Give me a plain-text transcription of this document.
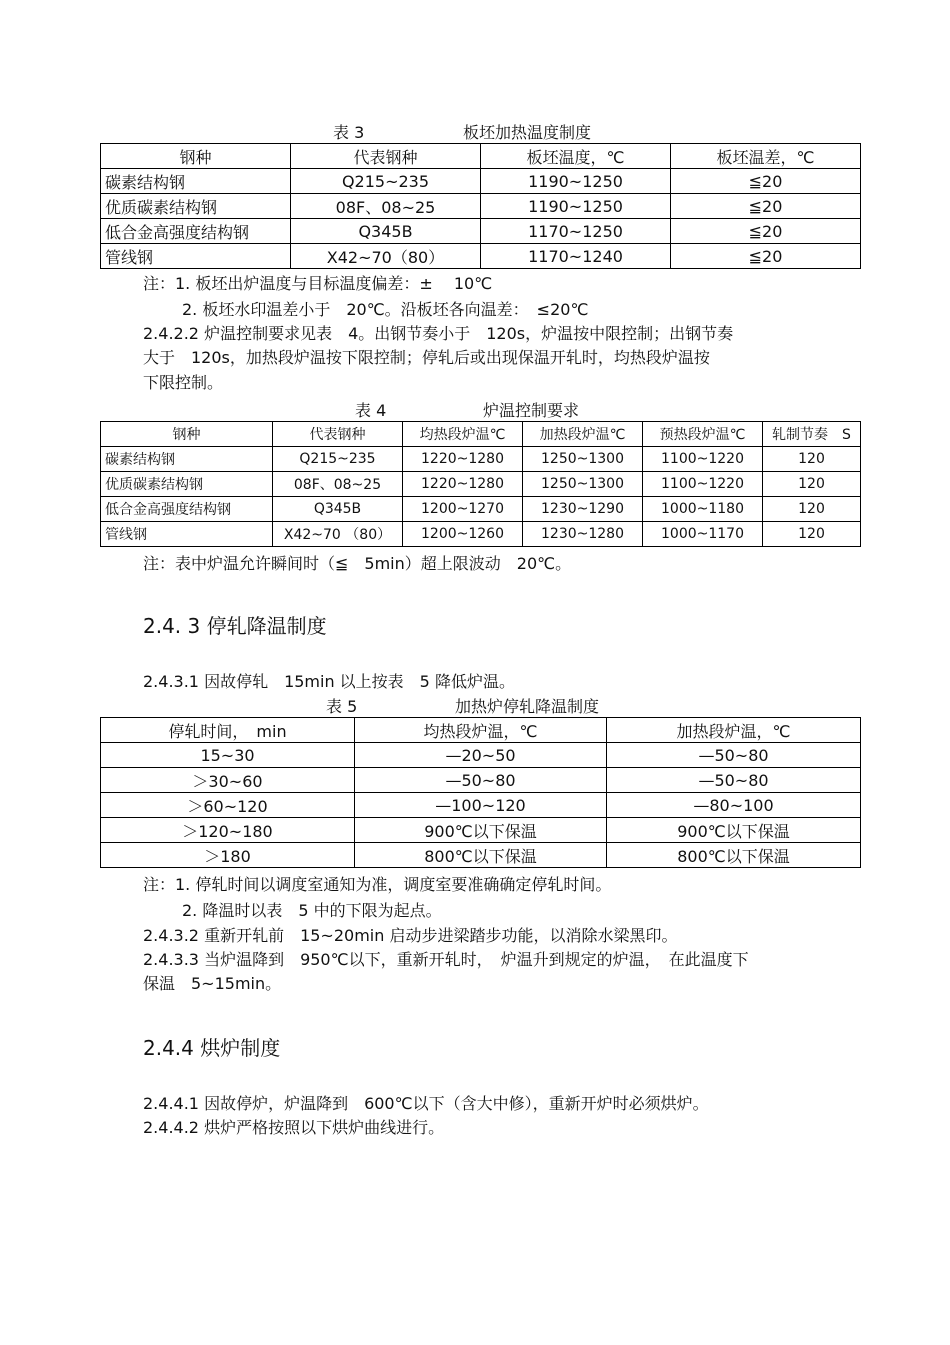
表 3	板坯加热温度制度
钢种	代表钢种	板坯温度，℃	板坯温差，℃
碳素结构钢	Q215~235	1190~1250	≦20
优质碳素结构钢	08F、08~25	1190~1250	≦20
低合金高强度结构钢	Q345B	1170~1250	≦20
管线钢	X42~70（80）	1170~1240	≦20
注：1. 板坯出炉温度与目标温度偏差：±　 10℃
2. 板坯水印温差小于　20℃。沿板坯各向温差：　≤20℃
2.4.2.2 炉温控制要求见表　4。出钢节奏小于　120s，炉温按中限控制；出钢节奏
大于　120s，加热段炉温按下限控制；停轧后或出现保温开轧时，均热段炉温按
下限控制。
表 4	炉温控制要求
钢种	代表钢种	均热段炉温℃	加热段炉温℃	预热段炉温℃	轧制节奏　S
碳素结构钢	Q215~235	1220~1280	1250~1300	1100~1220	120
优质碳素结构钢	08F、08~25	1220~1280	1250~1300	1100~1220	120
低合金高强度结构钢	Q345B	1200~1270	1230~1290	1000~1180	120
管线钢	X42~70 （80）	1200~1260	1230~1280	1000~1170	120
注：表中炉温允许瞬间时（≦　5min）超上限波动　20℃。
2.4. 3 停轧降温制度
2.4.3.1 因故停轧　15min 以上按表　5 降低炉温。
表 5	加热炉停轧降温制度
停轧时间，　min	均热段炉温，℃	加热段炉温，℃
15~30	—20~50	—50~80
＞30~60	—50~80	—50~80
＞60~120	—100~120	—80~100
＞120~180	900℃以下保温	900℃以下保温
＞180	800℃以下保温	800℃以下保温
注：1. 停轧时间以调度室通知为准，调度室要准确确定停轧时间。
2. 降温时以表　5 中的下限为起点。
2.4.3.2 重新开轧前　15~20min 启动步进梁踏步功能，以消除水梁黑印。
2.4.3.3 当炉温降到　950℃以下，重新开轧时，　炉温升到规定的炉温，　在此温度下
保温　5~15min。
2.4.4 烘炉制度
2.4.4.1 因故停炉，炉温降到　600℃以下（含大中修），重新开炉时必须烘炉。
2.4.4.2 烘炉严格按照以下烘炉曲线进行。
